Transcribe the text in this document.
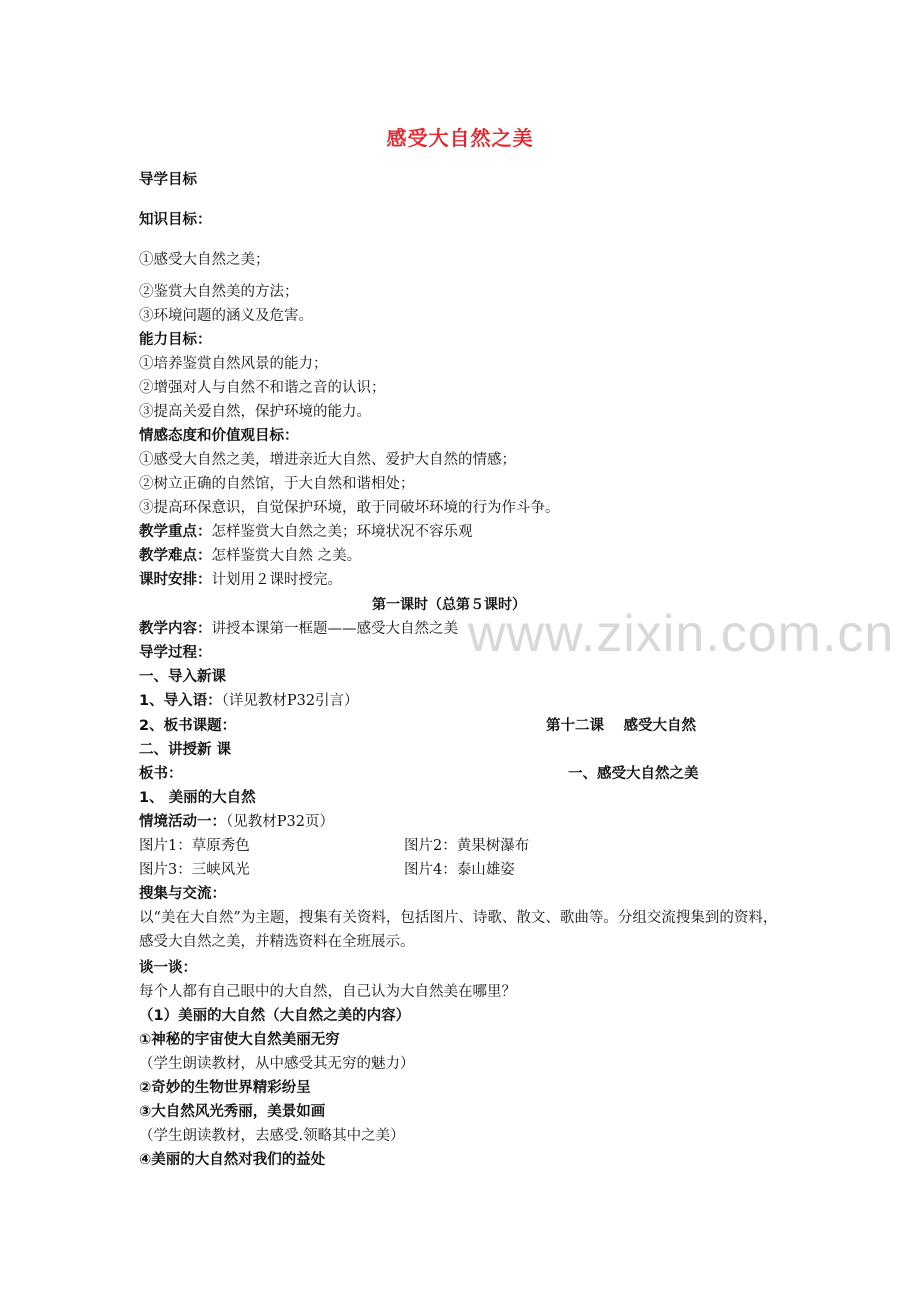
感受大自然之美
www.zixin.com.cn
导学目标
知识目标：
①感受大自然之美；
②鉴赏大自然美的方法；
③环境问题的涵义及危害。
能力目标：
①培养鉴赏自然风景的能力；
②增强对人与自然不和谐之音的认识；
③提高关爱自然，保护环境的能力。
情感态度和价值观目标：
①感受大自然之美，增进亲近大自然、爱护大自然的情感；
②树立正确的自然馆，于大自然和谐相处；
③提高环保意识，自觉保护环境，敢于同破坏环境的行为作斗争。
教学重点：怎样鉴赏大自然之美；环境状况不容乐观
教学难点：怎样鉴赏大自然 之美。
课时安排：计划用２课时授完。
第一课时（总第５课时）
教学内容：讲授本课第一框题——感受大自然之美
导学过程：
一、导入新课
1、导入语：（详见教材P32引言）
2、板书课题：	第十二课　 感受大自然
二、讲授新 课
板书：	一、感受大自然之美
1、 美丽的大自然
情境活动一：（见教材P32页）
图片1：草原秀色	图片2：黄果树瀑布
图片3：三峡风光	图片4：泰山雄姿
搜集与交流：
以“美在大自然”为主题，搜集有关资料，包括图片、诗歌、散文、歌曲等。分组交流搜集到的资料，感受大自然之美，并精选资料在全班展示。
谈一谈：
每个人都有自己眼中的大自然，自己认为大自然美在哪里？
（1）美丽的大自然（大自然之美的内容）
①神秘的宇宙使大自然美丽无穷
（学生朗读教材，从中感受其无穷的魅力）
②奇妙的生物世界精彩纷呈
③大自然风光秀丽，美景如画
（学生朗读教材，去感受.领略其中之美）
④美丽的大自然对我们的益处
